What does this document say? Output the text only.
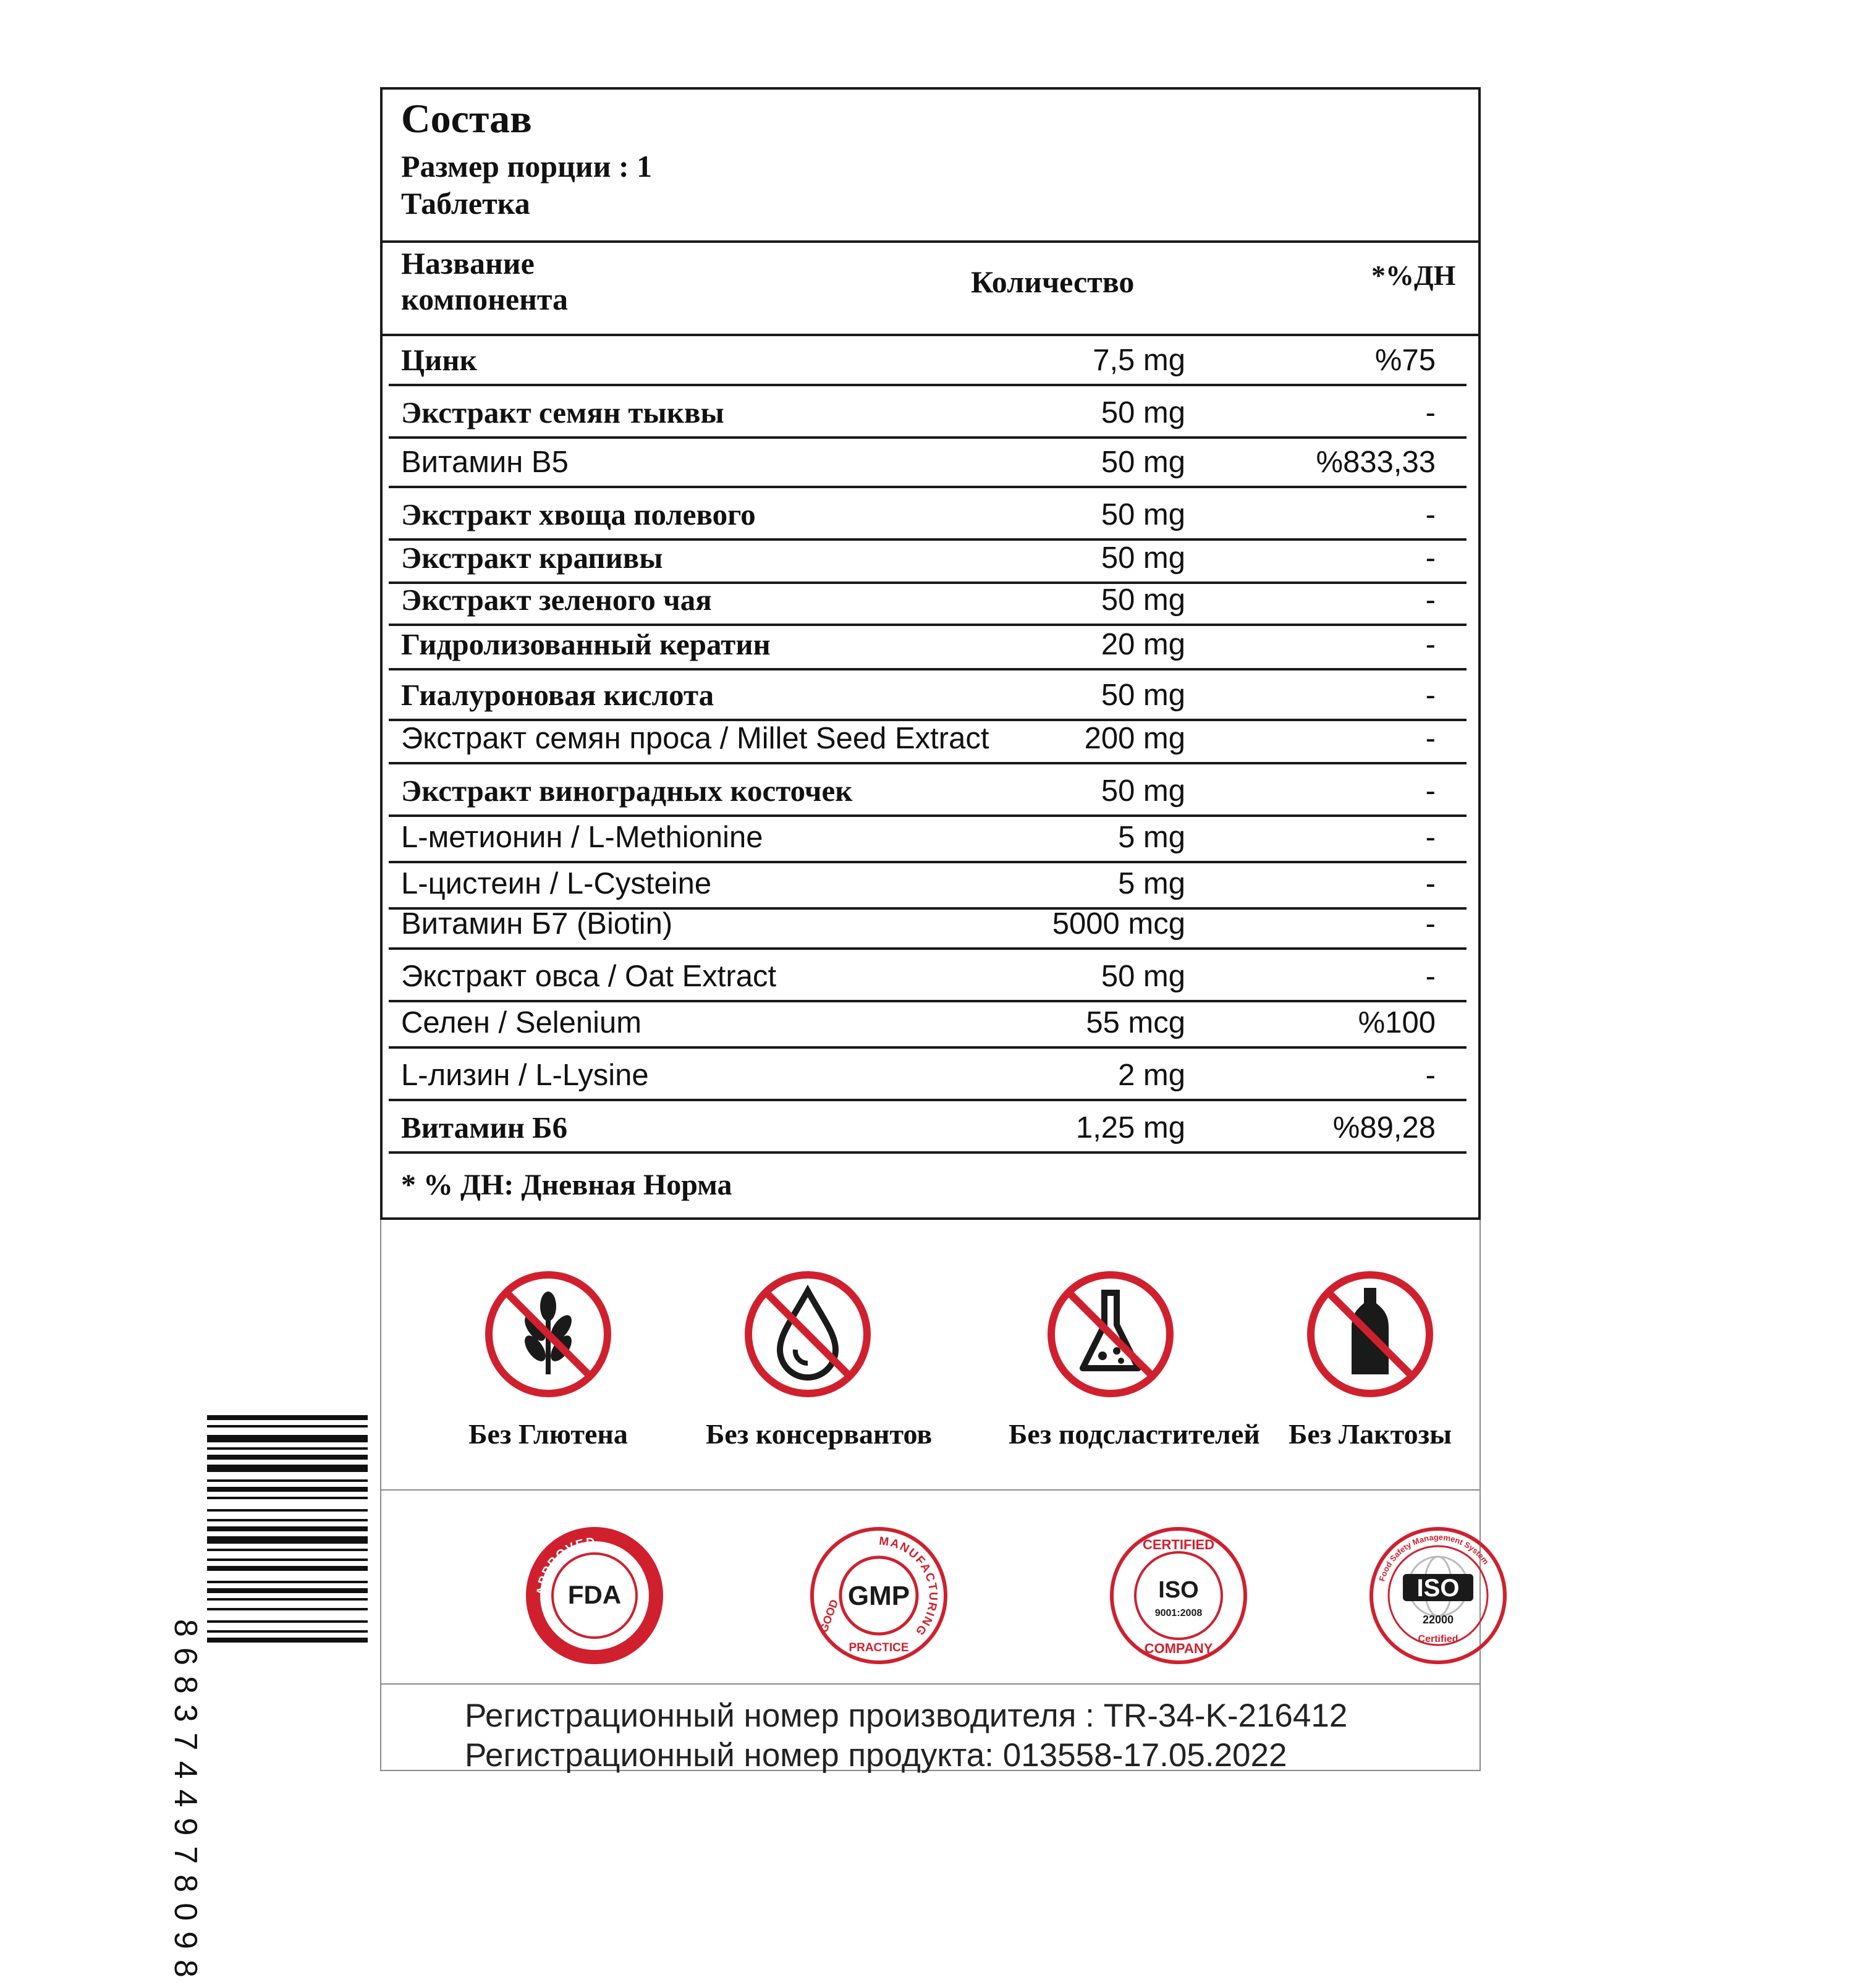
Состав
Размер порции : 1
Таблетка
Название компонента	Количество	*%ДН
Цинк	7,5 mg	%75
Экстракт семян тыквы	50 mg	-
Витамин B5	50 mg	%833,33
Экстракт хвоща полевого	50 mg	-
Экстракт крапивы	50 mg	-
Экстракт зеленого чая	50 mg	-
Гидролизованный кератин	20 mg	-
Гиалуроновая кислота	50 mg	-
Экстракт семян проса / Millet Seed Extract	200 mg	-
Экстракт виноградных косточек	50 mg	-
L-метионин / L-Methionine	5 mg	-
L-цистеин / L-Cysteine	5 mg	-
Витамин Б7 (Biotin)	5000 mcg	-
Экстракт овса / Oat Extract	50 mg	-
Селен / Selenium	55 mcg	%100
L-лизин / L-Lysine	2 mg	-
Витамин Б6	1,25 mg	%89,28
* % ДН: Дневная Норма
Без Глютена	Без консервантов	Без подсластителей	Без Лактозы
APPROVED
FDA
MANUFACTURING
PRACTICE
GOOD
GMP
CERTIFIED
COMPANY
ISO
9001:2008
Food Safety Management System
ISO
22000
Certified
Регистрационный номер производителя : TR-34-K-216412
Регистрационный номер продукта: 013558-17.05.2022
8683744978098
